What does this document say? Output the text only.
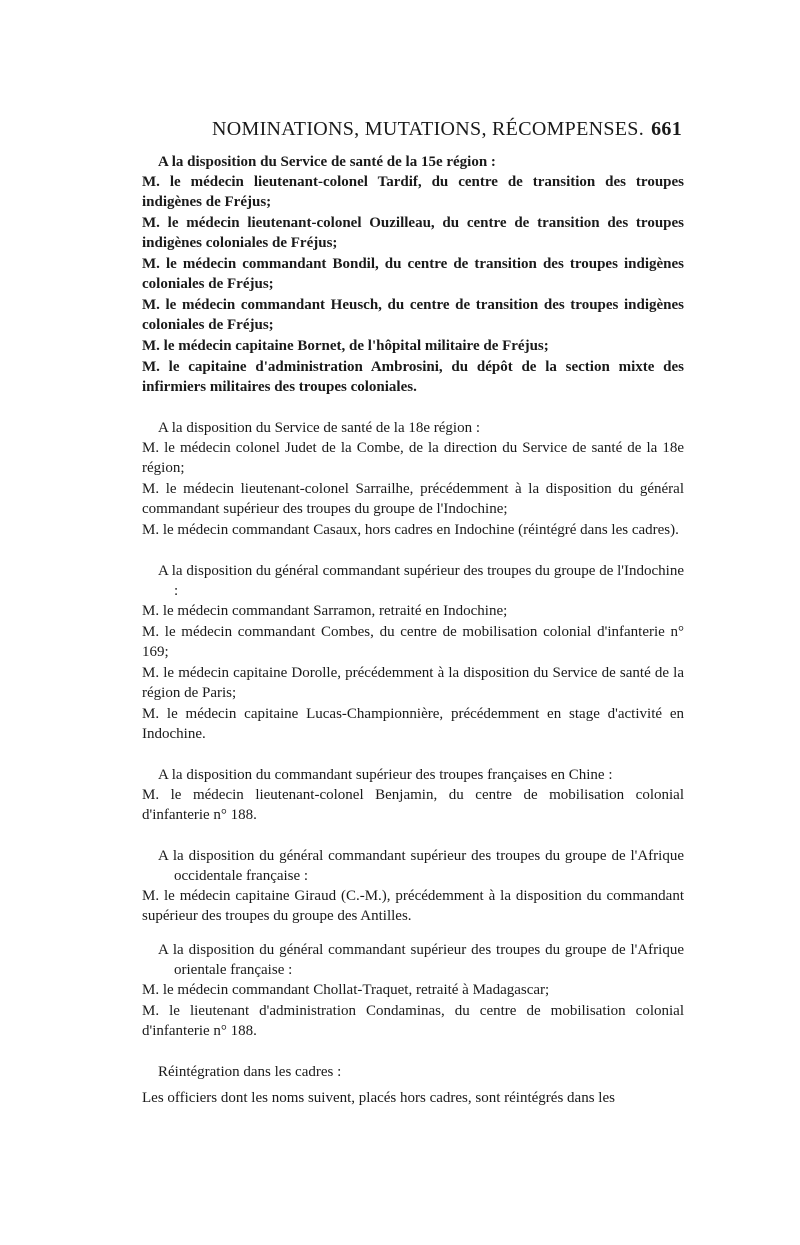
NOMINATIONS, MUTATIONS, RÉCOMPENSES. 661

A la disposition du Service de santé de la 15e région :

M. le médecin lieutenant-colonel Tardif, du centre de transition des troupes indigènes de Fréjus;

M. le médecin lieutenant-colonel Ouzilleau, du centre de transition des troupes indigènes coloniales de Fréjus;

M. le médecin commandant Bondil, du centre de transition des troupes indigènes coloniales de Fréjus;

M. le médecin commandant Heusch, du centre de transition des troupes indigènes coloniales de Fréjus;

M. le médecin capitaine Bornet, de l'hôpital militaire de Fréjus;

M. le capitaine d'administration Ambrosini, du dépôt de la section mixte des infirmiers militaires des troupes coloniales.

A la disposition du Service de santé de la 18e région :

M. le médecin colonel Judet de la Combe, de la direction du Service de santé de la 18e région;

M. le médecin lieutenant-colonel Sarrailhe, précédemment à la disposition du général commandant supérieur des troupes du groupe de l'Indochine;

M. le médecin commandant Casaux, hors cadres en Indochine (réintégré dans les cadres).

A la disposition du général commandant supérieur des troupes du groupe de l'Indochine :

M. le médecin commandant Sarramon, retraité en Indochine;

M. le médecin commandant Combes, du centre de mobilisation colonial d'infanterie n° 169;

M. le médecin capitaine Dorolle, précédemment à la disposition du Service de santé de la région de Paris;

M. le médecin capitaine Lucas-Championnière, précédemment en stage d'activité en Indochine.

A la disposition du commandant supérieur des troupes françaises en Chine :

M. le médecin lieutenant-colonel Benjamin, du centre de mobilisation colonial d'infanterie n° 188.

A la disposition du général commandant supérieur des troupes du groupe de l'Afrique occidentale française :

M. le médecin capitaine Giraud (C.-M.), précédemment à la disposition du commandant supérieur des troupes du groupe des Antilles.

A la disposition du général commandant supérieur des troupes du groupe de l'Afrique orientale française :

M. le médecin commandant Chollat-Traquet, retraité à Madagascar;

M. le lieutenant d'administration Condaminas, du centre de mobilisation colonial d'infanterie n° 188.

Réintégration dans les cadres :

Les officiers dont les noms suivent, placés hors cadres, sont réintégrés dans les
